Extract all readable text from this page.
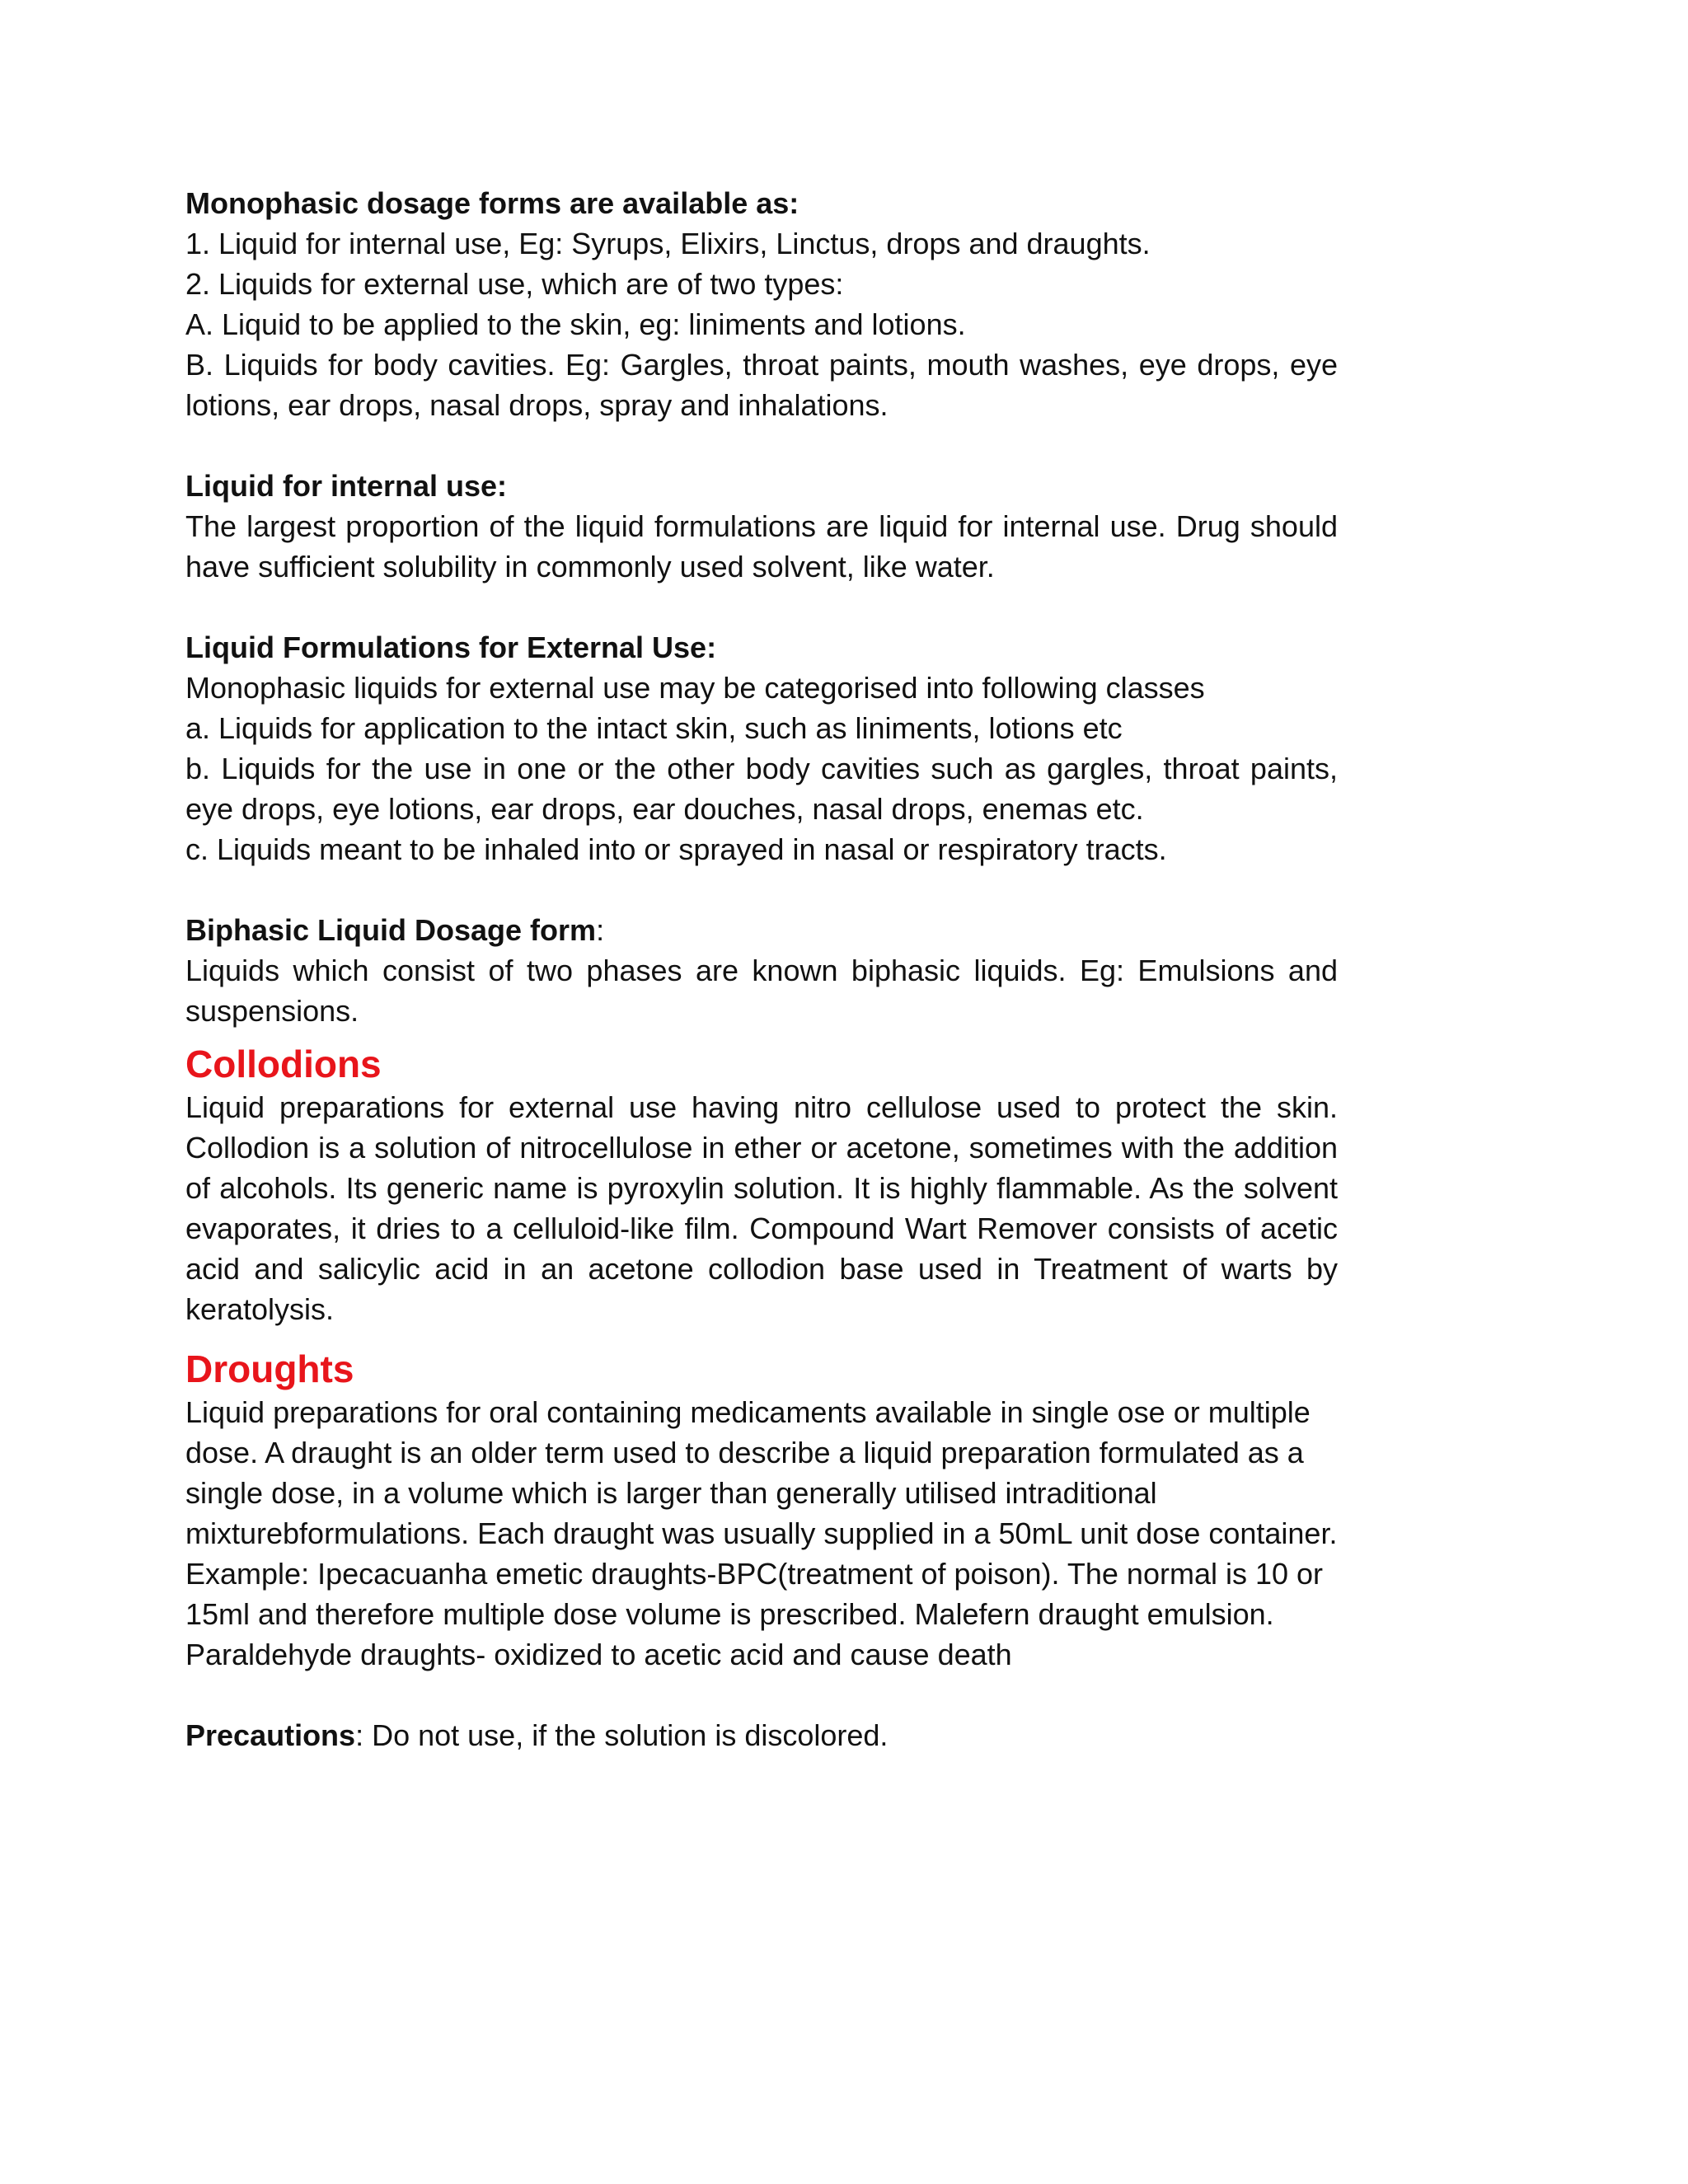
Monophasic dosage forms are available as:

1. Liquid for internal use, Eg: Syrups, Elixirs, Linctus, drops and draughts.

2. Liquids for external use, which are of two types:

A. Liquid to be applied to the skin, eg: liniments and lotions.

B. Liquids for body cavities. Eg: Gargles, throat paints, mouth washes, eye drops, eye lotions, ear drops, nasal drops, spray and inhalations.

Liquid for internal use:

The largest proportion of the liquid formulations are liquid for internal use. Drug should have sufficient solubility in commonly used solvent, like water.

Liquid Formulations for External Use:

Monophasic liquids for external use may be categorised into following classes

a. Liquids for application to the intact skin, such as liniments, lotions etc

b. Liquids for the use in one or the other body cavities such as gargles, throat paints, eye drops, eye lotions, ear drops, ear douches, nasal drops, enemas etc.

c. Liquids meant to be inhaled into or sprayed in nasal or respiratory tracts.

Biphasic Liquid Dosage form:

Liquids which consist of two phases are known biphasic liquids. Eg: Emulsions and suspensions.

Collodions

Liquid preparations for external use having nitro cellulose used to protect the skin. Collodion is a solution of nitrocellulose in ether or acetone, sometimes with the addition of alcohols. Its generic name is pyroxylin solution. It is highly flammable. As the solvent evaporates, it dries to a celluloid-like film. Compound Wart Remover consists of acetic acid and salicylic acid in an acetone collodion base used in Treatment of warts by keratolysis.

Droughts

Liquid preparations for oral containing medicaments available in single ose or multiple dose. A draught is an older term used to describe a liquid preparation formulated as a single dose, in a volume which is larger than generally utilised intraditional mixturebformulations. Each draught was usually supplied in a 50mL unit dose container. Example: Ipecacuanha emetic draughts-BPC(treatment of poison). The normal is 10 or 15ml and therefore multiple dose volume is prescribed. Malefern draught emulsion. Paraldehyde draughts- oxidized to acetic acid and cause death

Precautions: Do not use, if the solution is discolored.
